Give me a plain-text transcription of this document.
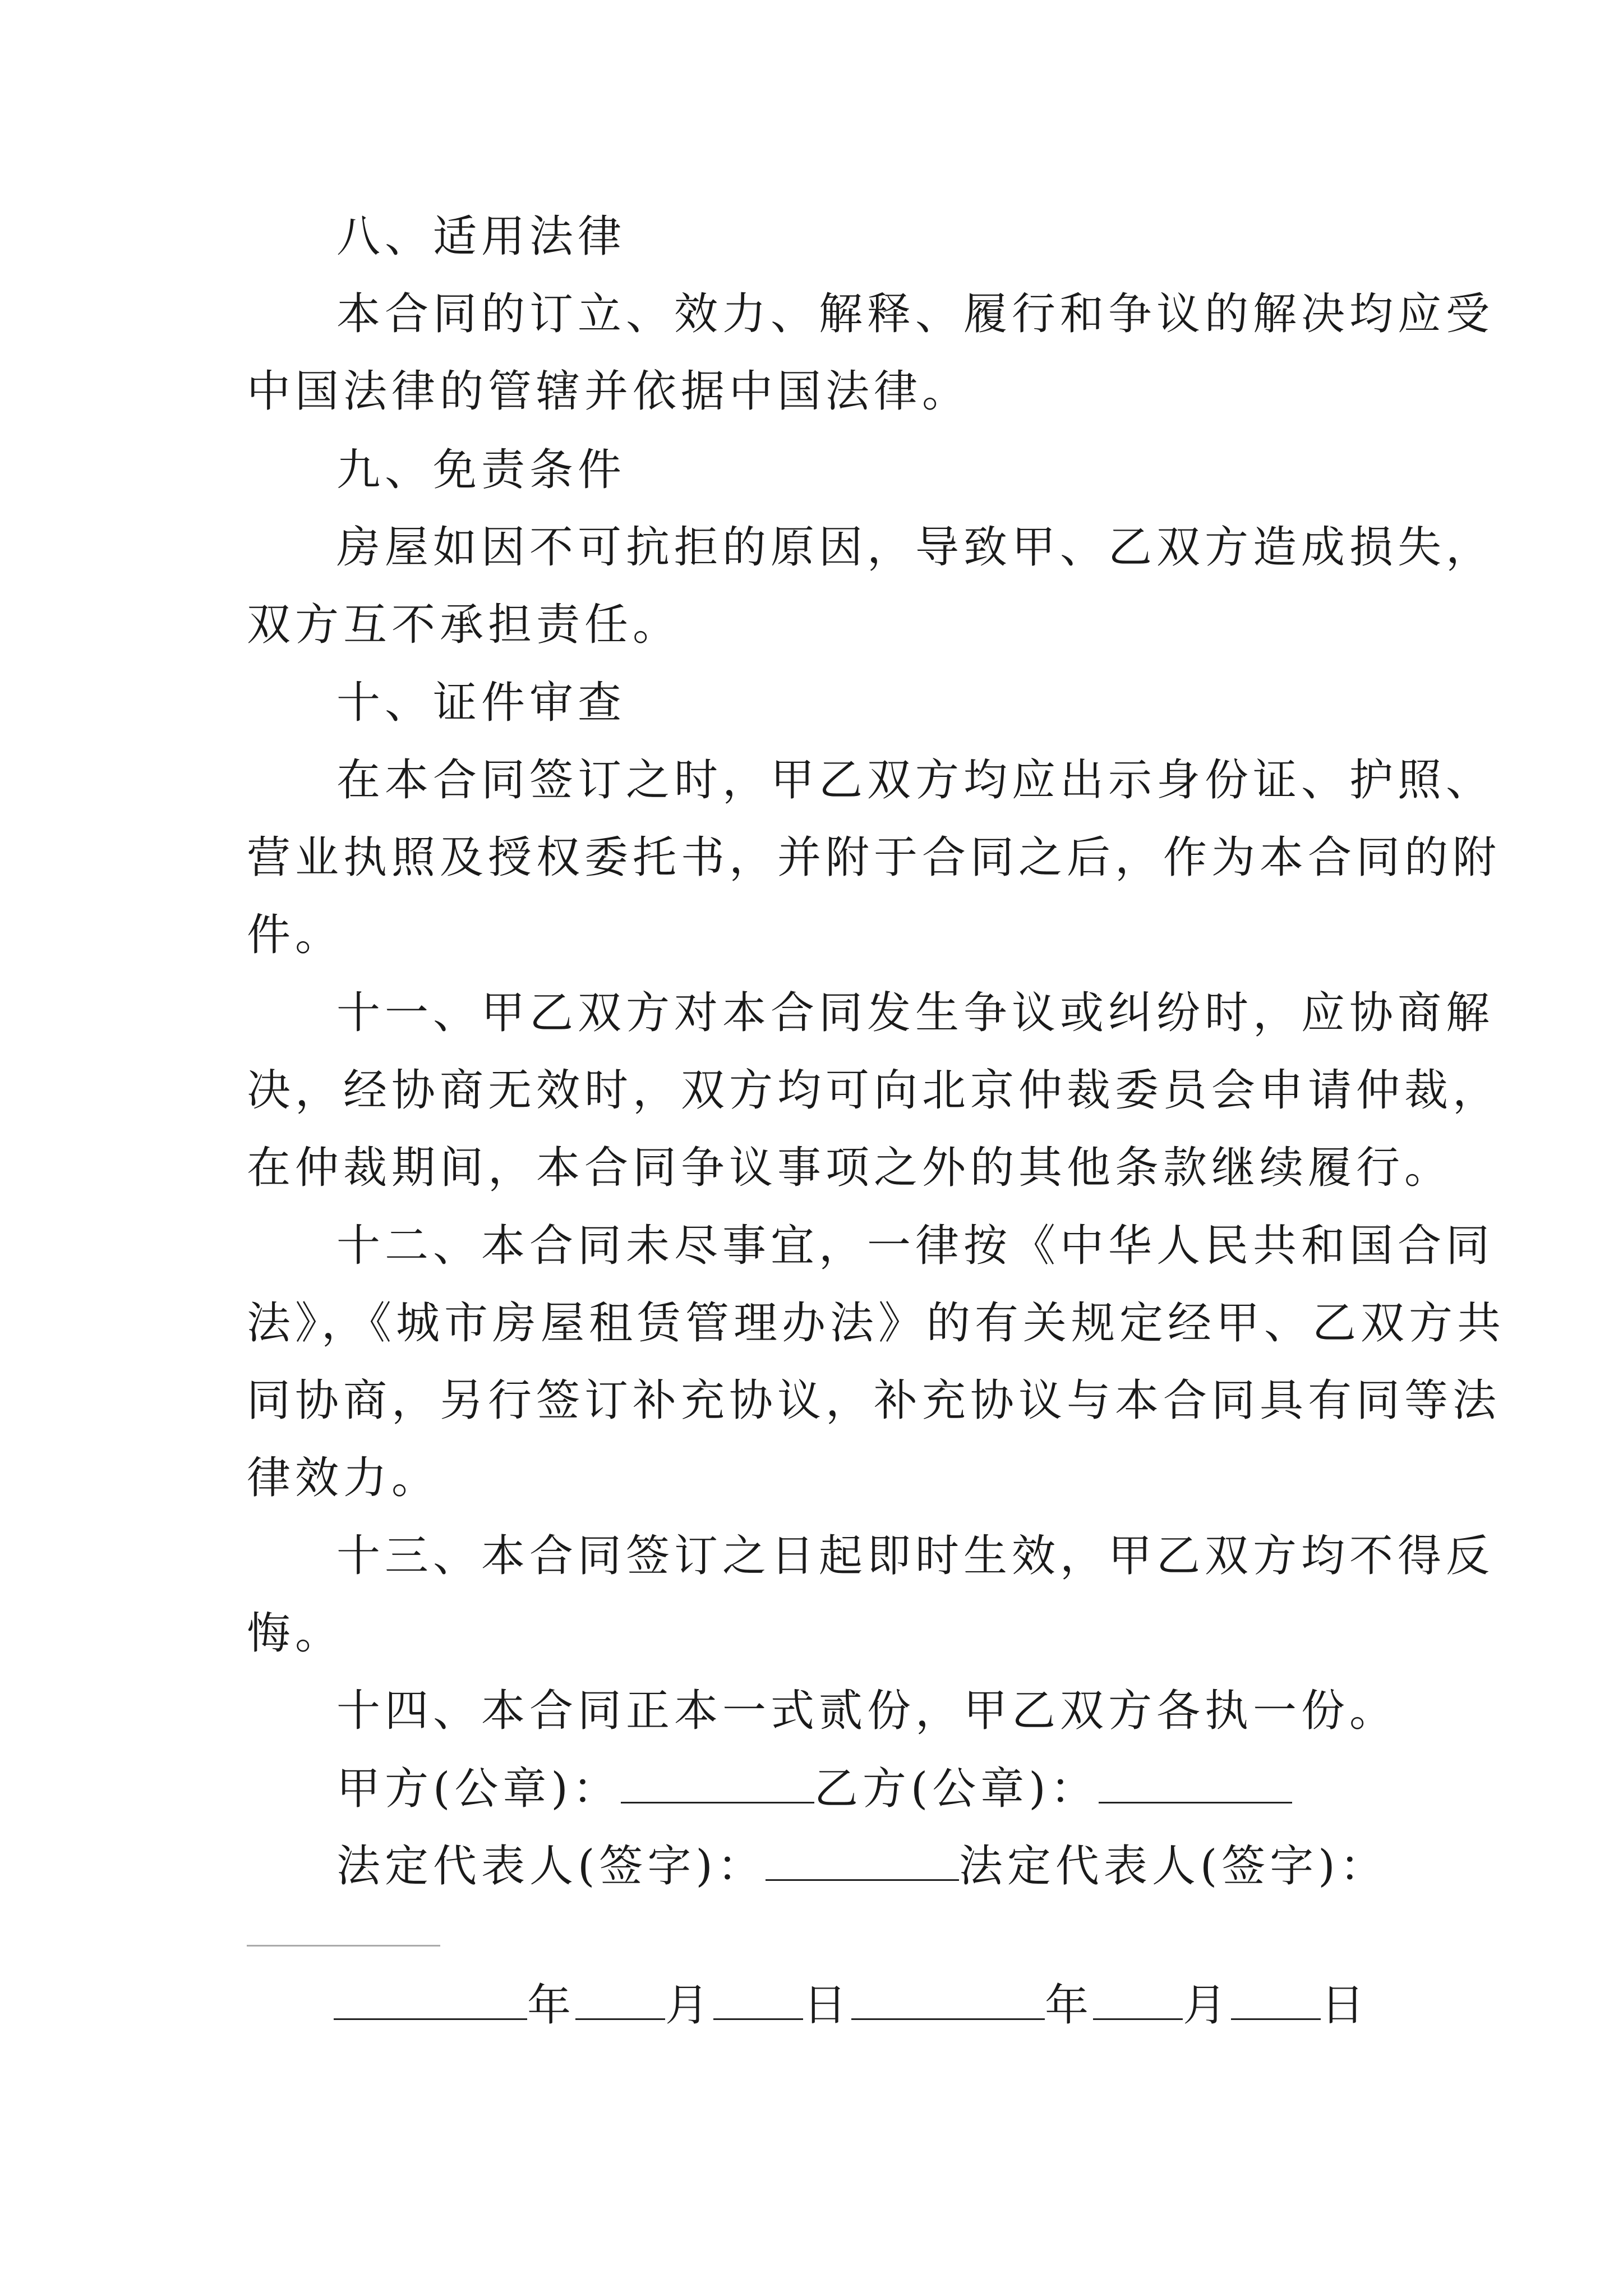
八、适用法律
本合同的订立、效力、解释、履行和争议的解决均应受
中国法律的管辖并依据中国法律。
九、免责条件
房屋如因不可抗拒的原因，导致甲、乙双方造成损失，
双方互不承担责任。
十、证件审查
在本合同签订之时，甲乙双方均应出示身份证、护照、
营业执照及授权委托书，并附于合同之后，作为本合同的附
件。
十一、甲乙双方对本合同发生争议或纠纷时，应协商解
决，经协商无效时，双方均可向北京仲裁委员会申请仲裁，
在仲裁期间，本合同争议事项之外的其他条款继续履行。
十二、本合同未尽事宜，一律按《中华人民共和国合同
法》，《城市房屋租赁管理办法》的有关规定经甲、乙双方共
同协商，另行签订补充协议，补充协议与本合同具有同等法
律效力。
十三、本合同签订之日起即时生效，甲乙双方均不得反
悔。
十四、本合同正本一式贰份，甲乙双方各执一份。
甲方(公章)：	乙方(公章)：
法定代表人(签字)：	法定代表人(签字)：
年 月 日	年 月 日
